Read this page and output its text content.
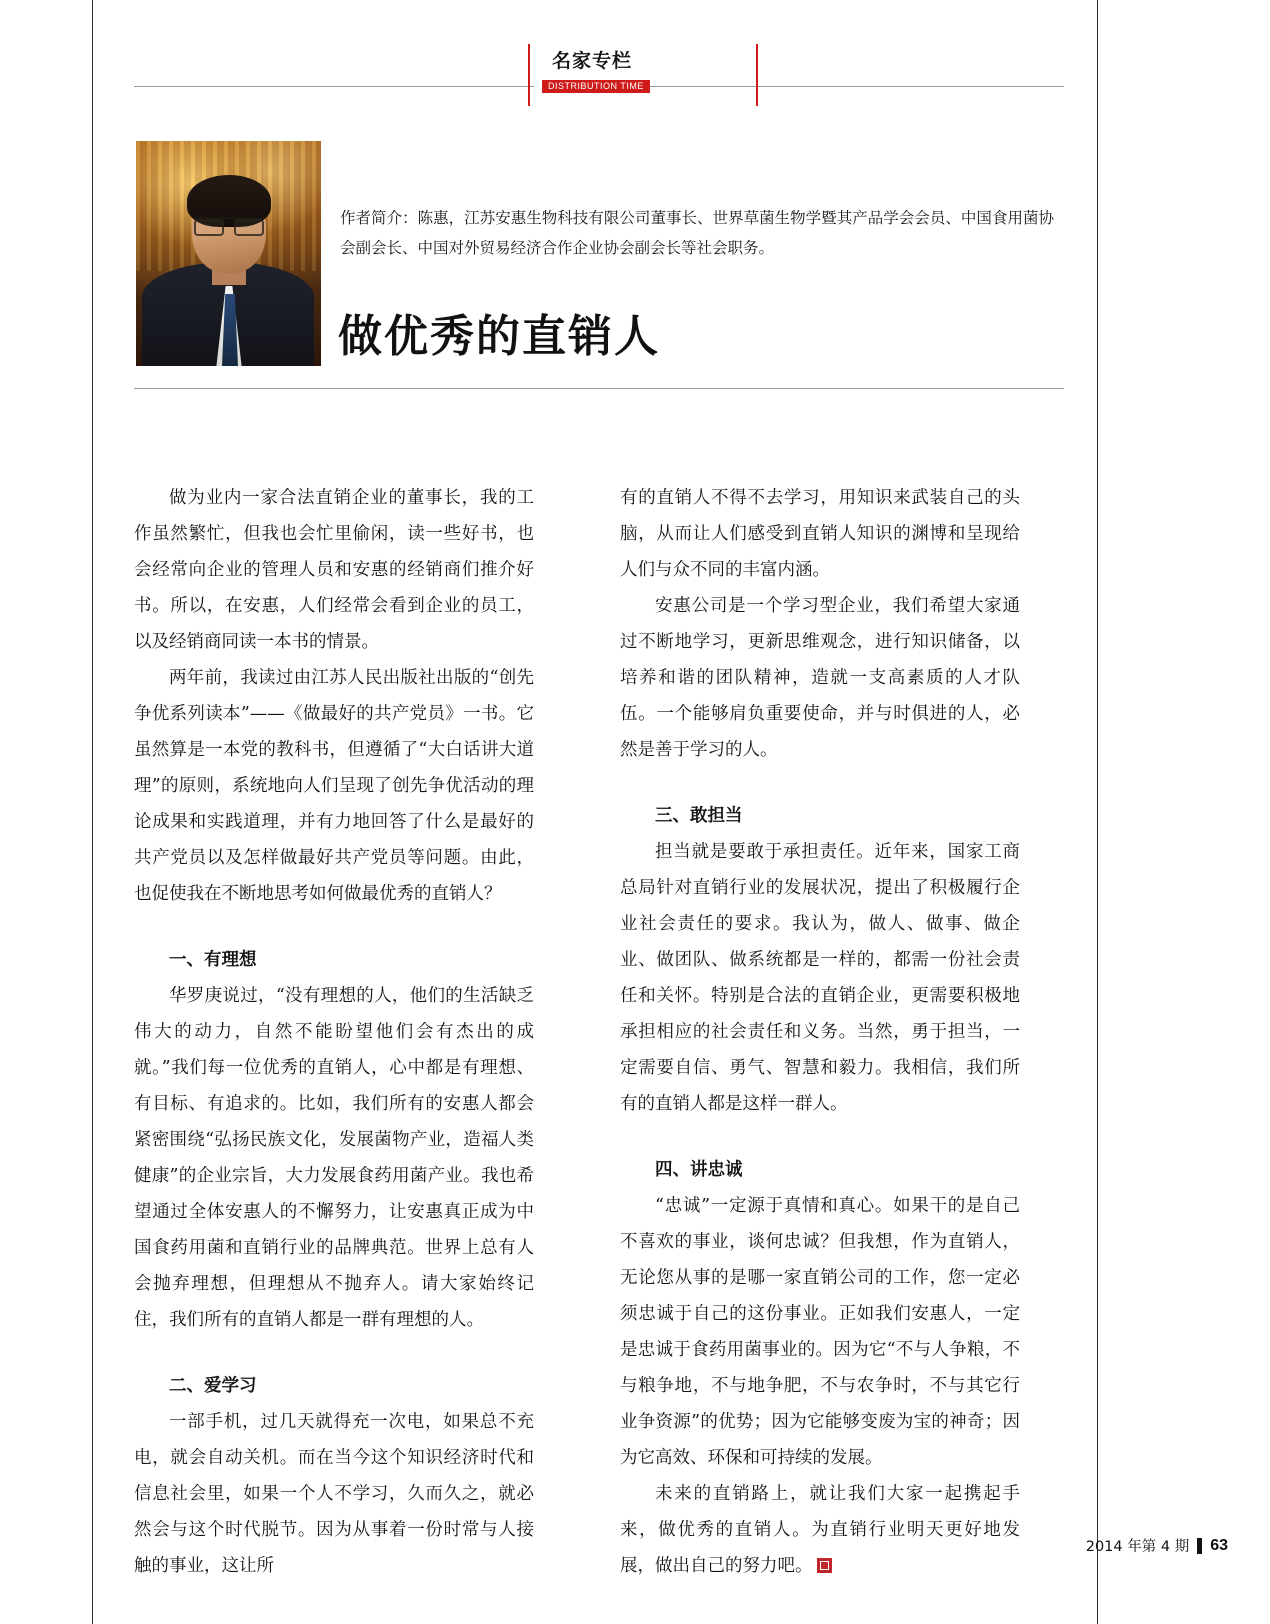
名家专栏
DISTRIBUTION TIME
作者简介：陈惠，江苏安惠生物科技有限公司董事长、世界草菌生物学暨其产品学会会员、中国食用菌协会副会长、中国对外贸易经济合作企业协会副会长等社会职务。
做优秀的直销人

做为业内一家合法直销企业的董事长，我的工作虽然繁忙，但我也会忙里偷闲，读一些好书，也会经常向企业的管理人员和安惠的经销商们推介好书。所以，在安惠，人们经常会看到企业的员工，以及经销商同读一本书的情景。

两年前，我读过由江苏人民出版社出版的“创先争优系列读本”——《做最好的共产党员》一书。它虽然算是一本党的教科书，但遵循了“大白话讲大道理”的原则，系统地向人们呈现了创先争优活动的理论成果和实践道理，并有力地回答了什么是最好的共产党员以及怎样做最好共产党员等问题。由此，也促使我在不断地思考如何做最优秀的直销人？

一、有理想

华罗庚说过，“没有理想的人，他们的生活缺乏伟大的动力，自然不能盼望他们会有杰出的成就。”我们每一位优秀的直销人，心中都是有理想、有目标、有追求的。比如，我们所有的安惠人都会紧密围绕“弘扬民族文化，发展菌物产业，造福人类健康”的企业宗旨，大力发展食药用菌产业。我也希望通过全体安惠人的不懈努力，让安惠真正成为中国食药用菌和直销行业的品牌典范。世界上总有人会抛弃理想，但理想从不抛弃人。请大家始终记住，我们所有的直销人都是一群有理想的人。

二、爱学习

一部手机，过几天就得充一次电，如果总不充电，就会自动关机。而在当今这个知识经济时代和信息社会里，如果一个人不学习，久而久之，就必然会与这个时代脱节。因为从事着一份时常与人接触的事业，这让所

有的直销人不得不去学习，用知识来武装自己的头脑，从而让人们感受到直销人知识的渊博和呈现给人们与众不同的丰富内涵。

安惠公司是一个学习型企业，我们希望大家通过不断地学习，更新思维观念，进行知识储备，以培养和谐的团队精神，造就一支高素质的人才队伍。一个能够肩负重要使命，并与时俱进的人，必然是善于学习的人。

三、敢担当

担当就是要敢于承担责任。近年来，国家工商总局针对直销行业的发展状况，提出了积极履行企业社会责任的要求。我认为，做人、做事、做企业、做团队、做系统都是一样的，都需一份社会责任和关怀。特别是合法的直销企业，更需要积极地承担相应的社会责任和义务。当然，勇于担当，一定需要自信、勇气、智慧和毅力。我相信，我们所有的直销人都是这样一群人。

四、讲忠诚

“忠诚”一定源于真情和真心。如果干的是自己不喜欢的事业，谈何忠诚？但我想，作为直销人，无论您从事的是哪一家直销公司的工作，您一定必须忠诚于自己的这份事业。正如我们安惠人，一定是忠诚于食药用菌事业的。因为它“不与人争粮，不与粮争地，不与地争肥，不与农争时，不与其它行业争资源”的优势；因为它能够变废为宝的神奇；因为它高效、环保和可持续的发展。

未来的直销路上，就让我们大家一起携起手来，做优秀的直销人。为直销行业明天更好地发展，做出自己的努力吧。

2014 年第 4 期 63
